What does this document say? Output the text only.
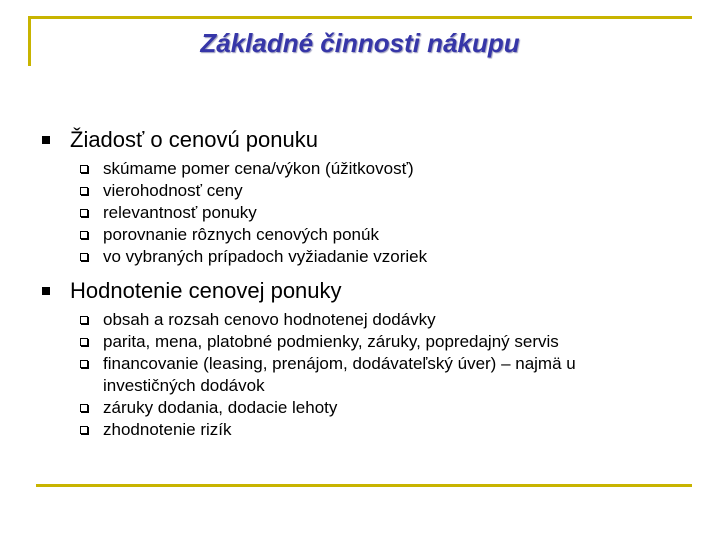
Základné činnosti nákupu
Žiadosť o cenovú ponuku
skúmame pomer cena/výkon (úžitkovosť)
vierohodnosť ceny
relevantnosť ponuky
porovnanie rôznych cenových ponúk
vo vybraných prípadoch vyžiadanie vzoriek
Hodnotenie cenovej ponuky
obsah a rozsah cenovo hodnotenej dodávky
parita, mena, platobné podmienky, záruky, popredajný servis
financovanie (leasing, prenájom, dodávateľský úver) – najmä u investičných dodávok
záruky dodania, dodacie lehoty
zhodnotenie rizík
